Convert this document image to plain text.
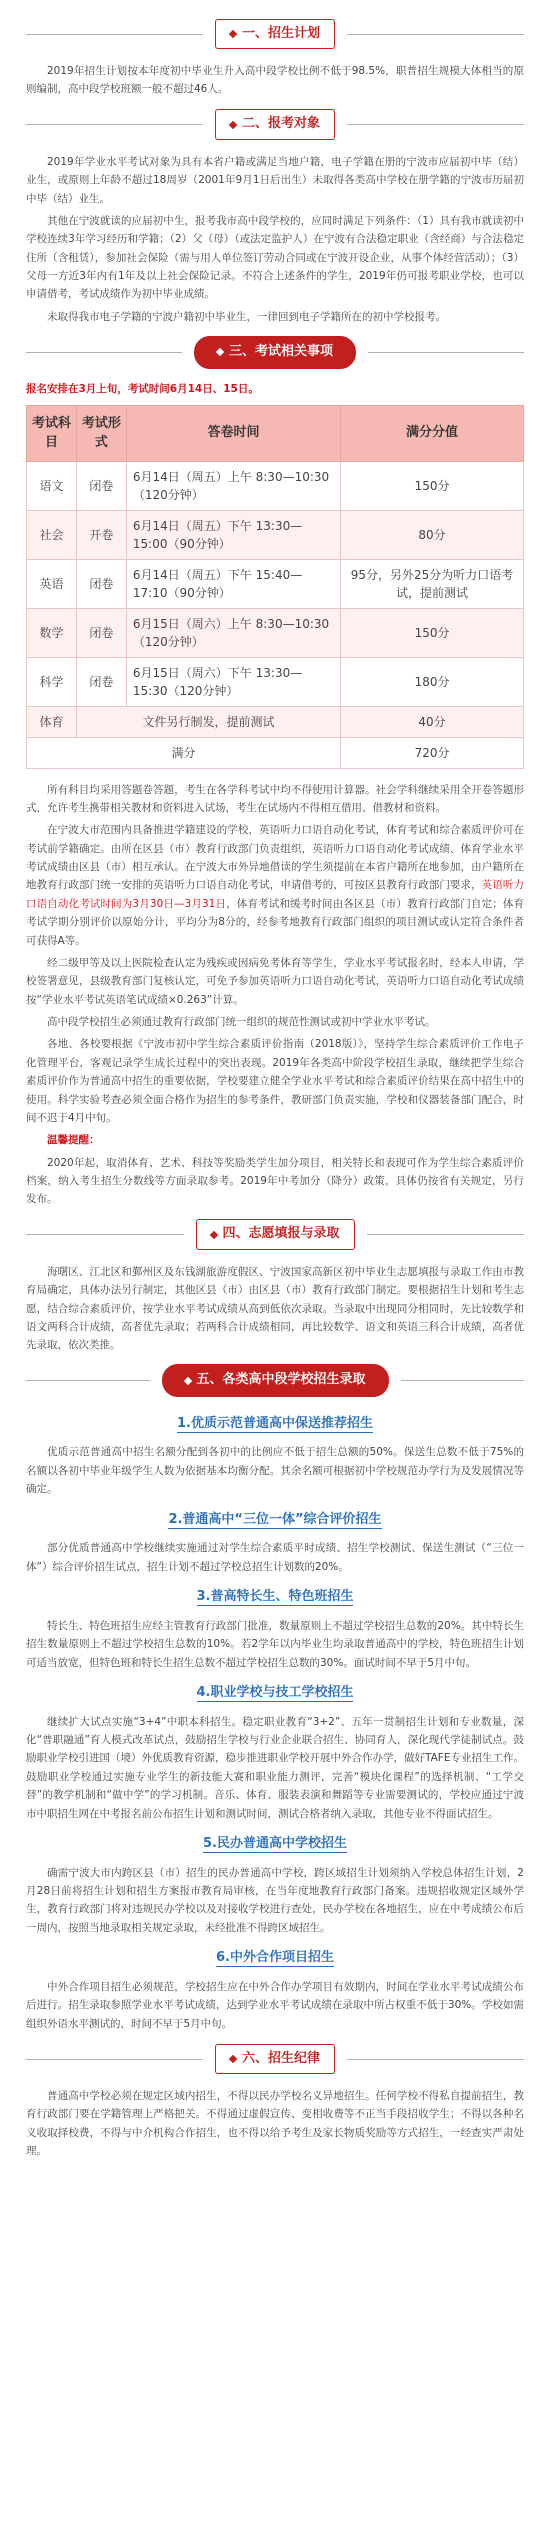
一、招生计划

2019年招生计划按本年度初中毕业生升入高中段学校比例不低于98.5%，职普招生规模大体相当的原则编制，高中段学校班额一般不超过46人。

二、报考对象

2019年学业水平考试对象为具有本省户籍或满足当地户籍，电子学籍在册的宁波市应届初中毕（结）业生，或原则上年龄不超过18周岁（2001年9月1日后出生）未取得各类高中学校在册学籍的宁波市历届初中毕（结）业生。

其他在宁波就读的应届初中生，报考我市高中段学校的，应同时满足下列条件：（1）具有我市就读初中学校连续3年学习经历和学籍；（2）父（母）（或法定监护人）在宁波有合法稳定职业（含经商）与合法稳定住所（含租赁），参加社会保险（需与用人单位签订劳动合同或在宁波开设企业，从事个体经营活动）；（3）父母一方近3年内有1年及以上社会保险记录。不符合上述条件的学生，2019年仍可报考职业学校，也可以申请借考，考试成绩作为初中毕业成绩。

未取得我市电子学籍的宁波户籍初中毕业生，一律回到电子学籍所在的初中学校报考。

三、考试相关事项

报名安排在3月上旬，考试时间6月14日、15日。

考试科目	考试形式	答卷时间	满分分值
语文	闭卷	6月14日（周五）上午 8:30—10:30（120分钟）	150分
社会	开卷	6月14日（周五）下午 13:30—15:00（90分钟）	80分
英语	闭卷	6月14日（周五）下午 15:40—17:10（90分钟）	95分，另外25分为听力口语考试，提前测试
数学	闭卷	6月15日（周六）上午 8:30—10:30（120分钟）	150分
科学	闭卷	6月15日（周六）下午 13:30—15:30（120分钟）	180分
体育	文件另行制发，提前测试		40分
满分			720分

所有科目均采用答题卷答题，考生在各学科考试中均不得使用计算器。社会学科继续采用全开卷答题形式，允许考生携带相关教材和资料进入试场，考生在试场内不得相互借用、借教材和资料。

在宁波大市范围内具备推进学籍建设的学校，英语听力口语自动化考试，体育考试和综合素质评价可在考试前学籍确定。由所在区县（市）教育行政部门负责组织，英语听力口语自动化考试成绩、体育学业水平考试成绩由区县（市）相互承认。在宁波大市外异地借读的学生须提前在本省户籍所在地参加，由户籍所在地教育行政部门统一安排的英语听力口语自动化考试，申请借考的，可按区县教育行政部门要求，英语听力口语自动化考试时间为3月30日—3月31日，体育考试和缓考时间由各区县（市）教育行政部门自定；体育考试学期分别评价以原始分计，平均分为8分的，经参考地教育行政部门组织的项目测试或认定符合条件者可获得A等。

经二级甲等及以上医院检查认定为残疾或因病免考体育等学生，学业水平考试报名时，经本人申请，学校签署意见，县级教育部门复核认定，可免予参加英语听力口语自动化考试，英语听力口语自动化考试成绩按“学业水平考试英语笔试成绩×0.263”计算。

高中段学校招生必须通过教育行政部门统一组织的规范性测试或初中学业水平考试。

各地、各校要根据《宁波市初中学生综合素质评价指南（2018版）》，坚持学生综合素质评价工作电子化管理平台，客观记录学生成长过程中的突出表现。2019年各类高中阶段学校招生录取，继续把学生综合素质评价作为普通高中招生的重要依据，学校要建立健全学业水平考试和综合素质评价结果在高中招生中的使用。科学实验考查必须全面合格作为招生的参考条件，教研部门负责实施，学校和仪器装备部门配合，时间不迟于4月中旬。

温馨提醒：

2020年起，取消体育、艺术、科技等奖励类学生加分项目，相关特长和表现可作为学生综合素质评价档案，纳入考生招生分数线等方面录取参考。2019年中考加分（降分）政策，具体仍按省有关规定，另行发布。

四、志愿填报与录取

海曙区、江北区和鄞州区及东钱湖旅游度假区、宁波国家高新区初中毕业生志愿填报与录取工作由市教育局确定，具体办法另行制定，其他区县（市）由区县（市）教育行政部门制定。要根据招生计划和考生志愿，结合综合素质评价，按学业水平考试成绩从高到低依次录取。当录取中出现同分相同时，先比较数学和语文两科合计成绩，高者优先录取；若两科合计成绩相同，再比较数学、语文和英语三科合计成绩，高者优先录取，依次类推。

五、各类高中段学校招生录取
1.优质示范普通高中保送推荐招生

优质示范普通高中招生名额分配到各初中的比例应不低于招生总额的50%。保送生总数不低于75%的名额以各初中毕业年级学生人数为依据基本均衡分配。其余名额可根据初中学校规范办学行为及发展情况等确定。

2.普通高中“三位一体”综合评价招生

部分优质普通高中学校继续实施通过对学生综合素质平时成绩、招生学校测试、保送生测试（“三位一体”）综合评价招生试点，招生计划不超过学校总招生计划数的20%。

3.普高特长生、特色班招生

特长生、特色班招生应经主管教育行政部门批准，数量原则上不超过学校招生总数的20%。其中特长生招生数量原则上不超过学校招生总数的10%。若2学年以内毕业生均录取普通高中的学校，特色班招生计划可适当放宽，但特色班和特长生招生总数不超过学校招生总数的30%。面试时间不早于5月中旬。

4.职业学校与技工学校招生

继续扩大试点实施“3+4”中职本科招生。稳定职业教育“3+2”、五年一贯制招生计划和专业数量，深化“普职融通”育人模式改革试点，鼓励招生学校与行业企业联合招生、协同育人，深化现代学徒制试点。鼓励职业学校引进国（境）外优质教育资源，稳步推进职业学校开展中外合作办学，做好TAFE专业招生工作。鼓励职业学校通过实施专业学生的新技能大赛和职业能力测评，完善“模块化课程”的选择机制、“工学交替”的教学机制和“做中学”的学习机制。音乐、体育、服装表演和舞蹈等专业需要测试的，学校应通过宁波市中职招生网在中考报名前公布招生计划和测试时间，测试合格者纳入录取，其他专业不得面试招生。

5.民办普通高中学校招生

确需宁波大市内跨区县（市）招生的民办普通高中学校，跨区域招生计划须纳入学校总体招生计划，2月28日前将招生计划和招生方案报市教育局审核，在当年度地教育行政部门备案。违规招收规定区域外学生，教育行政部门将对违规民办学校以及对接收学校进行查处，民办学校在各地招生，应在中考成绩公布后一周内，按照当地录取相关规定录取，未经批准不得跨区域招生。

6.中外合作项目招生

中外合作项目招生必须规范，学校招生应在中外合作办学项目有效期内，时间在学业水平考试成绩公布后进行。招生录取参照学业水平考试成绩，达到学业水平考试成绩在录取中所占权重不低于30%。学校如需组织外语水平测试的，时间不早于5月中旬。

六、招生纪律

普通高中学校必须在规定区域内招生，不得以民办学校名义异地招生。任何学校不得私自提前招生，教育行政部门要在学籍管理上严格把关。不得通过虚假宣传、变相收费等不正当手段招收学生；不得以各种名义收取择校费，不得与中介机构合作招生，也不得以给予考生及家长物质奖励等方式招生，一经查实严肃处理。
